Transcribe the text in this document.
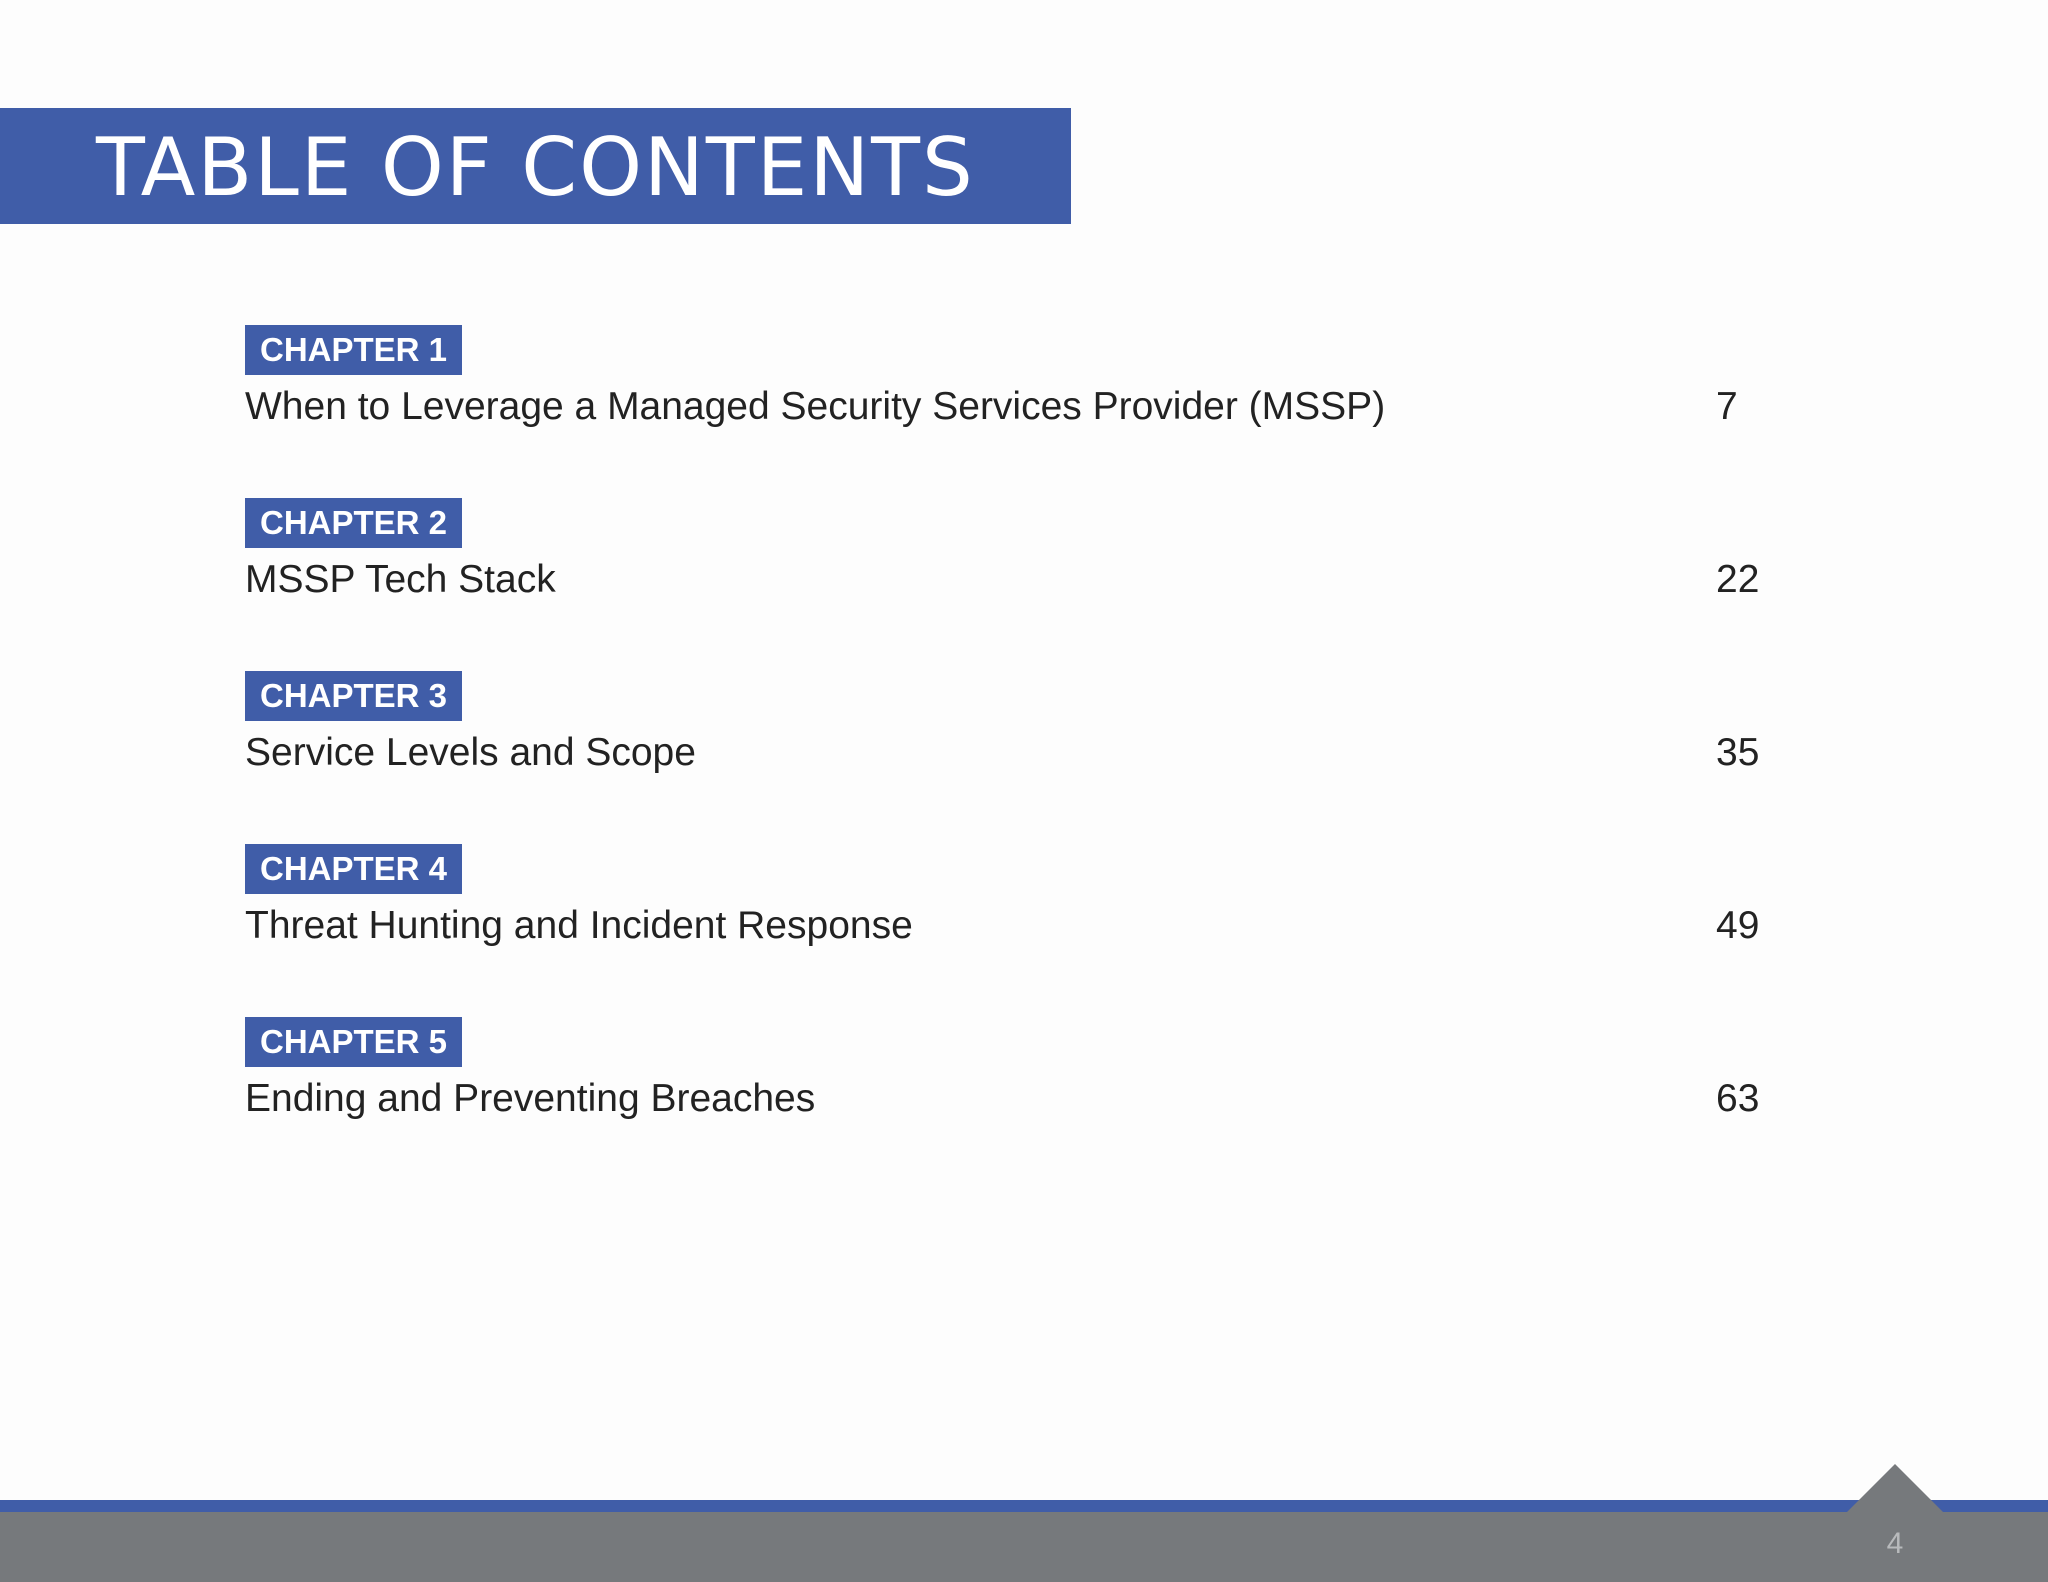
TABLE OF CONTENTS
CHAPTER 1
When to Leverage a Managed Security Services Provider (MSSP)	7
CHAPTER 2
MSSP Tech Stack	22
CHAPTER 3
Service Levels and Scope	35
CHAPTER 4
Threat Hunting and Incident Response	49
CHAPTER 5
Ending and Preventing Breaches	63
4
